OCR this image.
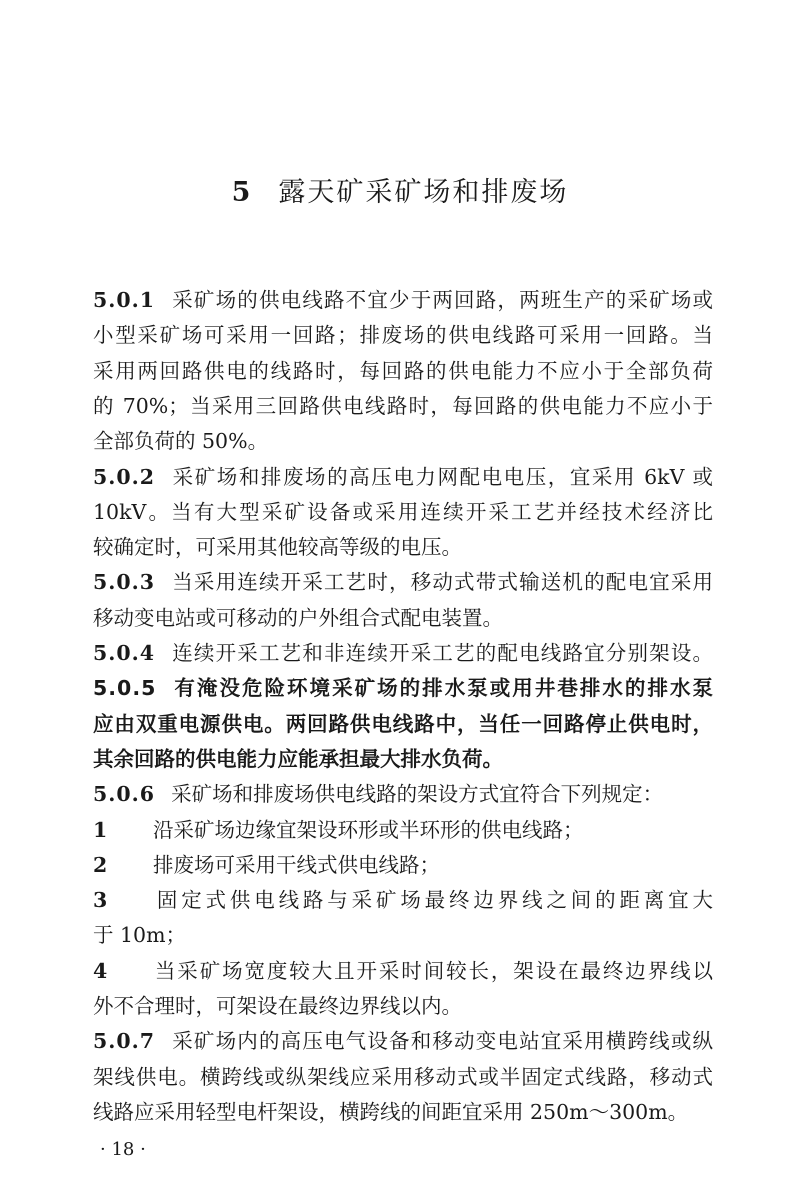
5 露天矿采矿场和排废场
5.0.1 采矿场的供电线路不宜少于两回路，两班生产的采矿场或
小型采矿场可采用一回路；排废场的供电线路可采用一回路。当
采用两回路供电的线路时，每回路的供电能力不应小于全部负荷
的 70%；当采用三回路供电线路时，每回路的供电能力不应小于
全部负荷的 50%。
5.0.2 采矿场和排废场的高压电力网配电电压，宜采用 6kV 或
10kV。当有大型采矿设备或采用连续开采工艺并经技术经济比
较确定时，可采用其他较高等级的电压。
5.0.3 当采用连续开采工艺时，移动式带式输送机的配电宜采用
移动变电站或可移动的户外组合式配电装置。
5.0.4 连续开采工艺和非连续开采工艺的配电线路宜分别架设。
5.0.5 有淹没危险环境采矿场的排水泵或用井巷排水的排水泵
应由双重电源供电。两回路供电线路中，当任一回路停止供电时，
其余回路的供电能力应能承担最大排水负荷。
5.0.6 采矿场和排废场供电线路的架设方式宜符合下列规定：
1 沿采矿场边缘宜架设环形或半环形的供电线路；
2 排废场可采用干线式供电线路；
3 固定式供电线路与采矿场最终边界线之间的距离宜大
于 10m；
4 当采矿场宽度较大且开采时间较长，架设在最终边界线以
外不合理时，可架设在最终边界线以内。
· 18 ·
5.0.7 采矿场内的高压电气设备和移动变电站宜采用横跨线或纵
架线供电。横跨线或纵架线应采用移动式或半固定式线路，移动式
线路应采用轻型电杆架设，横跨线的间距宜采用 250m～300m。
